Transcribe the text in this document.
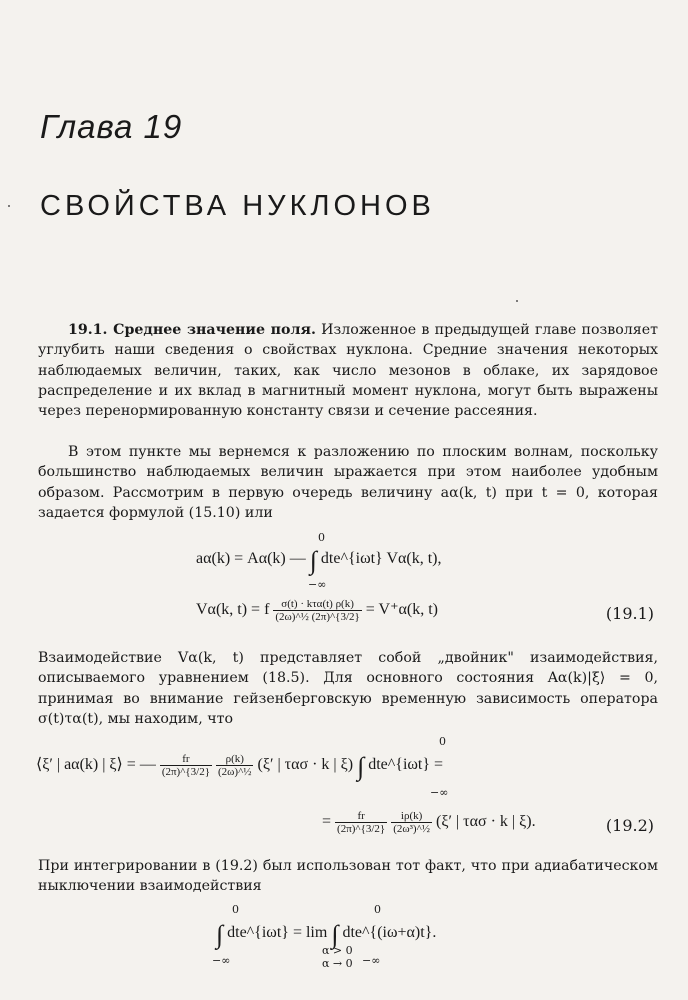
Глава 19
СВОЙСТВА НУКЛОНОВ
19.1. Среднее значение поля. Изложенное в предыдущей главе позволяет углубить наши сведения о свойствах нуклона. Средние значения некоторых наблюдаемых величин, таких, как число мезонов в облаке, их зарядовое распределение и их вклад в магнитный момент нуклона, могут быть выражены через перенормированную константу связи и сечение рассеяния.
В этом пункте мы вернемся к разложению по плоским волнам, поскольку большинство наблюдаемых величин ыражается при этом наиболее удобным образом. Рассмотрим в первую очередь величину aα(k, t) при t = 0, которая задается формулой (15.10) или
0
aα(k) = Aα(k) — ∫ dte^{iωt} Vα(k, t),
−∞
Vα(k, t) = f $\frac{\text{σ(t) · kτα(t) ρ(k)}}{\text{(2ω)\textasciicircum{}½ (2π)\textasciicircum{}\{3/2\}}} = V^+\alpha(k$, t)	(19.1)
Взаимодействие Vα(k, t) представляет собой „двойник" изаимодействия, описываемого уравнением (18.5). Для основного состояния Aα(k)|ξ⟩ = 0, принимая во внимание гейзенберговскую временную зависимость оператора σ(t)τα(t), мы находим, что
0
⟨ξ′ | aα(k) | ξ⟩ = — $\frac{fr}{(2\pi)\^{}\{3/2\}}$
$\frac{\rho(k)}{\text{(2ω)\textasciicircum{}½}} (\xi'$ | τασ · k | ξ) ∫ dte^{iωt} =
−∞
= $\frac{fr}{(2\pi)\^{}\{3/2\}}$
$\frac{i\rho(k)}{\text{(2ω³)\textasciicircum{}½}} (\xi'$ | τασ · k | ξ).	(19.2)
При интегрировании в (19.2) был использован тот факт, что при адиабатическом ныключении взаимодействия
0	0
∫ dte^{iωt} = lim ∫ dte^{(iω+α)t}.
−∞	−∞
α > 0
α → 0
